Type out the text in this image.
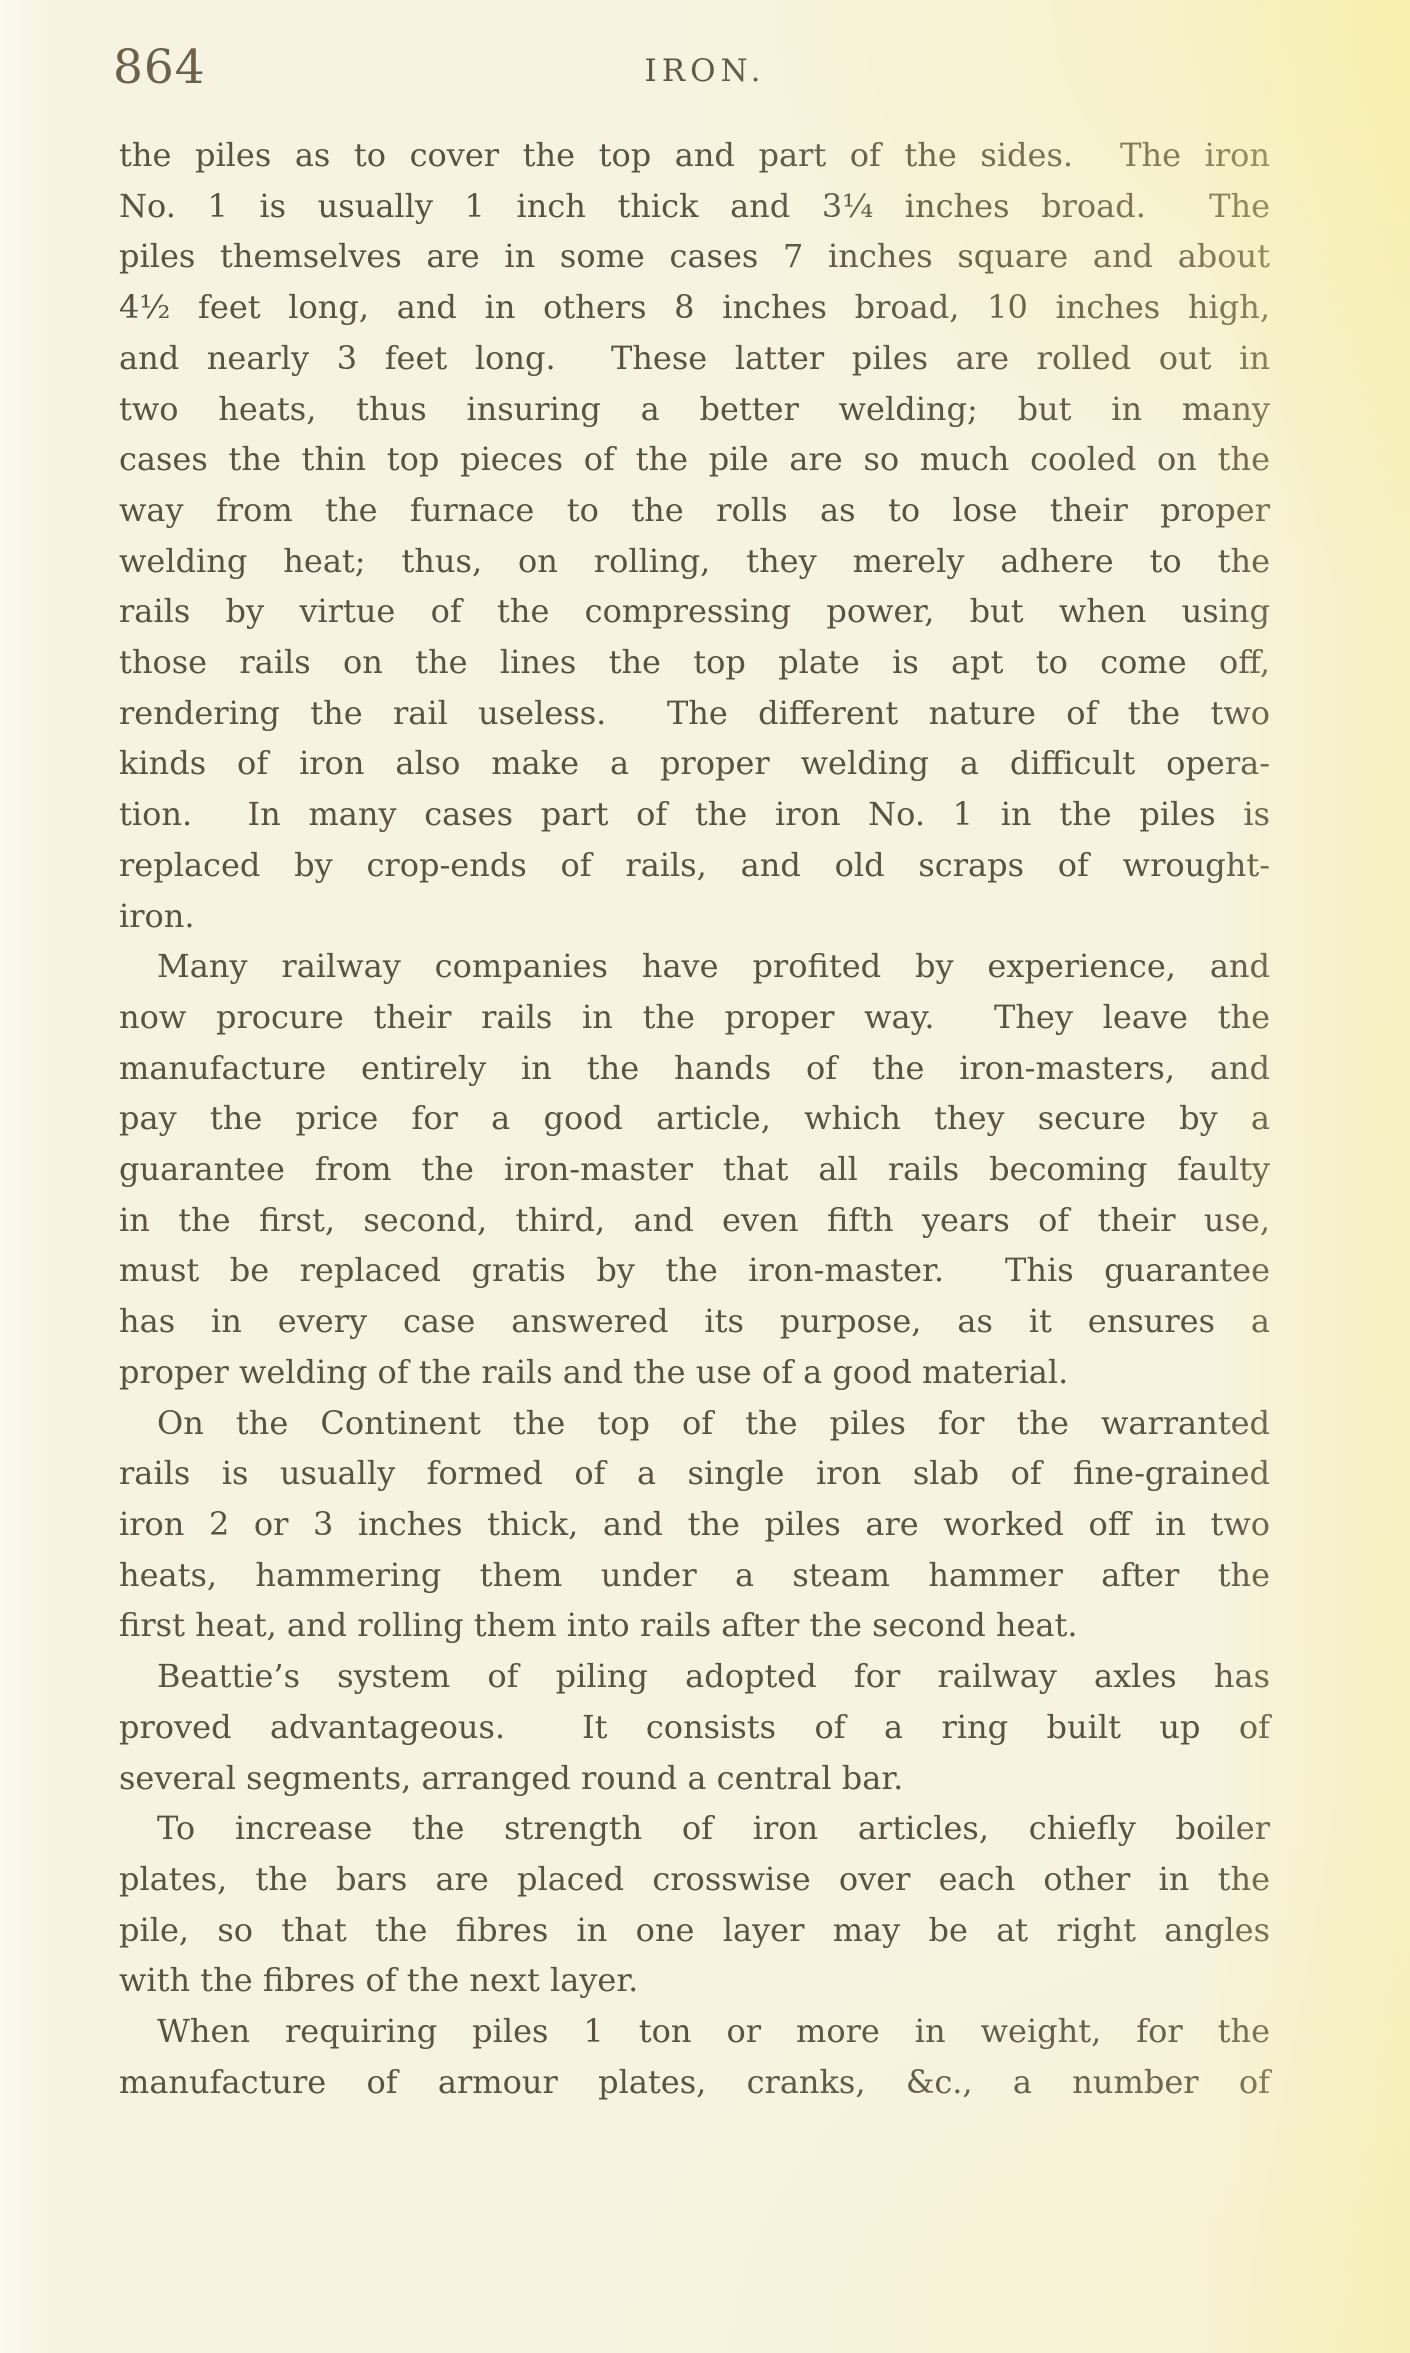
864	IRON.
the piles as to cover the top and part of the sides.  The iron
No. 1 is usually 1 inch thick and 3¼ inches broad.  The
piles themselves are in some cases 7 inches square and about
4½ feet long, and in others 8 inches broad, 10 inches high,
and nearly 3 feet long.  These latter piles are rolled out in
two heats, thus insuring a better welding; but in many
cases the thin top pieces of the pile are so much cooled on the
way from the furnace to the rolls as to lose their proper
welding heat; thus, on rolling, they merely adhere to the
rails by virtue of the compressing power, but when using
those rails on the lines the top plate is apt to come off,
rendering the rail useless.  The different nature of the two
kinds of iron also make a proper welding a difficult opera-
tion.  In many cases part of the iron No. 1 in the piles is
replaced by crop-ends of rails, and old scraps of wrought-
iron.
Many railway companies have profited by experience, and
now procure their rails in the proper way.  They leave the
manufacture entirely in the hands of the iron-masters, and
pay the price for a good article, which they secure by a
guarantee from the iron-master that all rails becoming faulty
in the first, second, third, and even fifth years of their use,
must be replaced gratis by the iron-master.  This guarantee
has in every case answered its purpose, as it ensures a
proper welding of the rails and the use of a good material.
On the Continent the top of the piles for the warranted
rails is usually formed of a single iron slab of fine-grained
iron 2 or 3 inches thick, and the piles are worked off in two
heats, hammering them under a steam hammer after the
first heat, and rolling them into rails after the second heat.
Beattie’s system of piling adopted for railway axles has
proved advantageous.  It consists of a ring built up of
several segments, arranged round a central bar.
To increase the strength of iron articles, chiefly boiler
plates, the bars are placed crosswise over each other in the
pile, so that the fibres in one layer may be at right angles
with the fibres of the next layer.
When requiring piles 1 ton or more in weight, for the
manufacture of armour plates, cranks, &c., a number of
